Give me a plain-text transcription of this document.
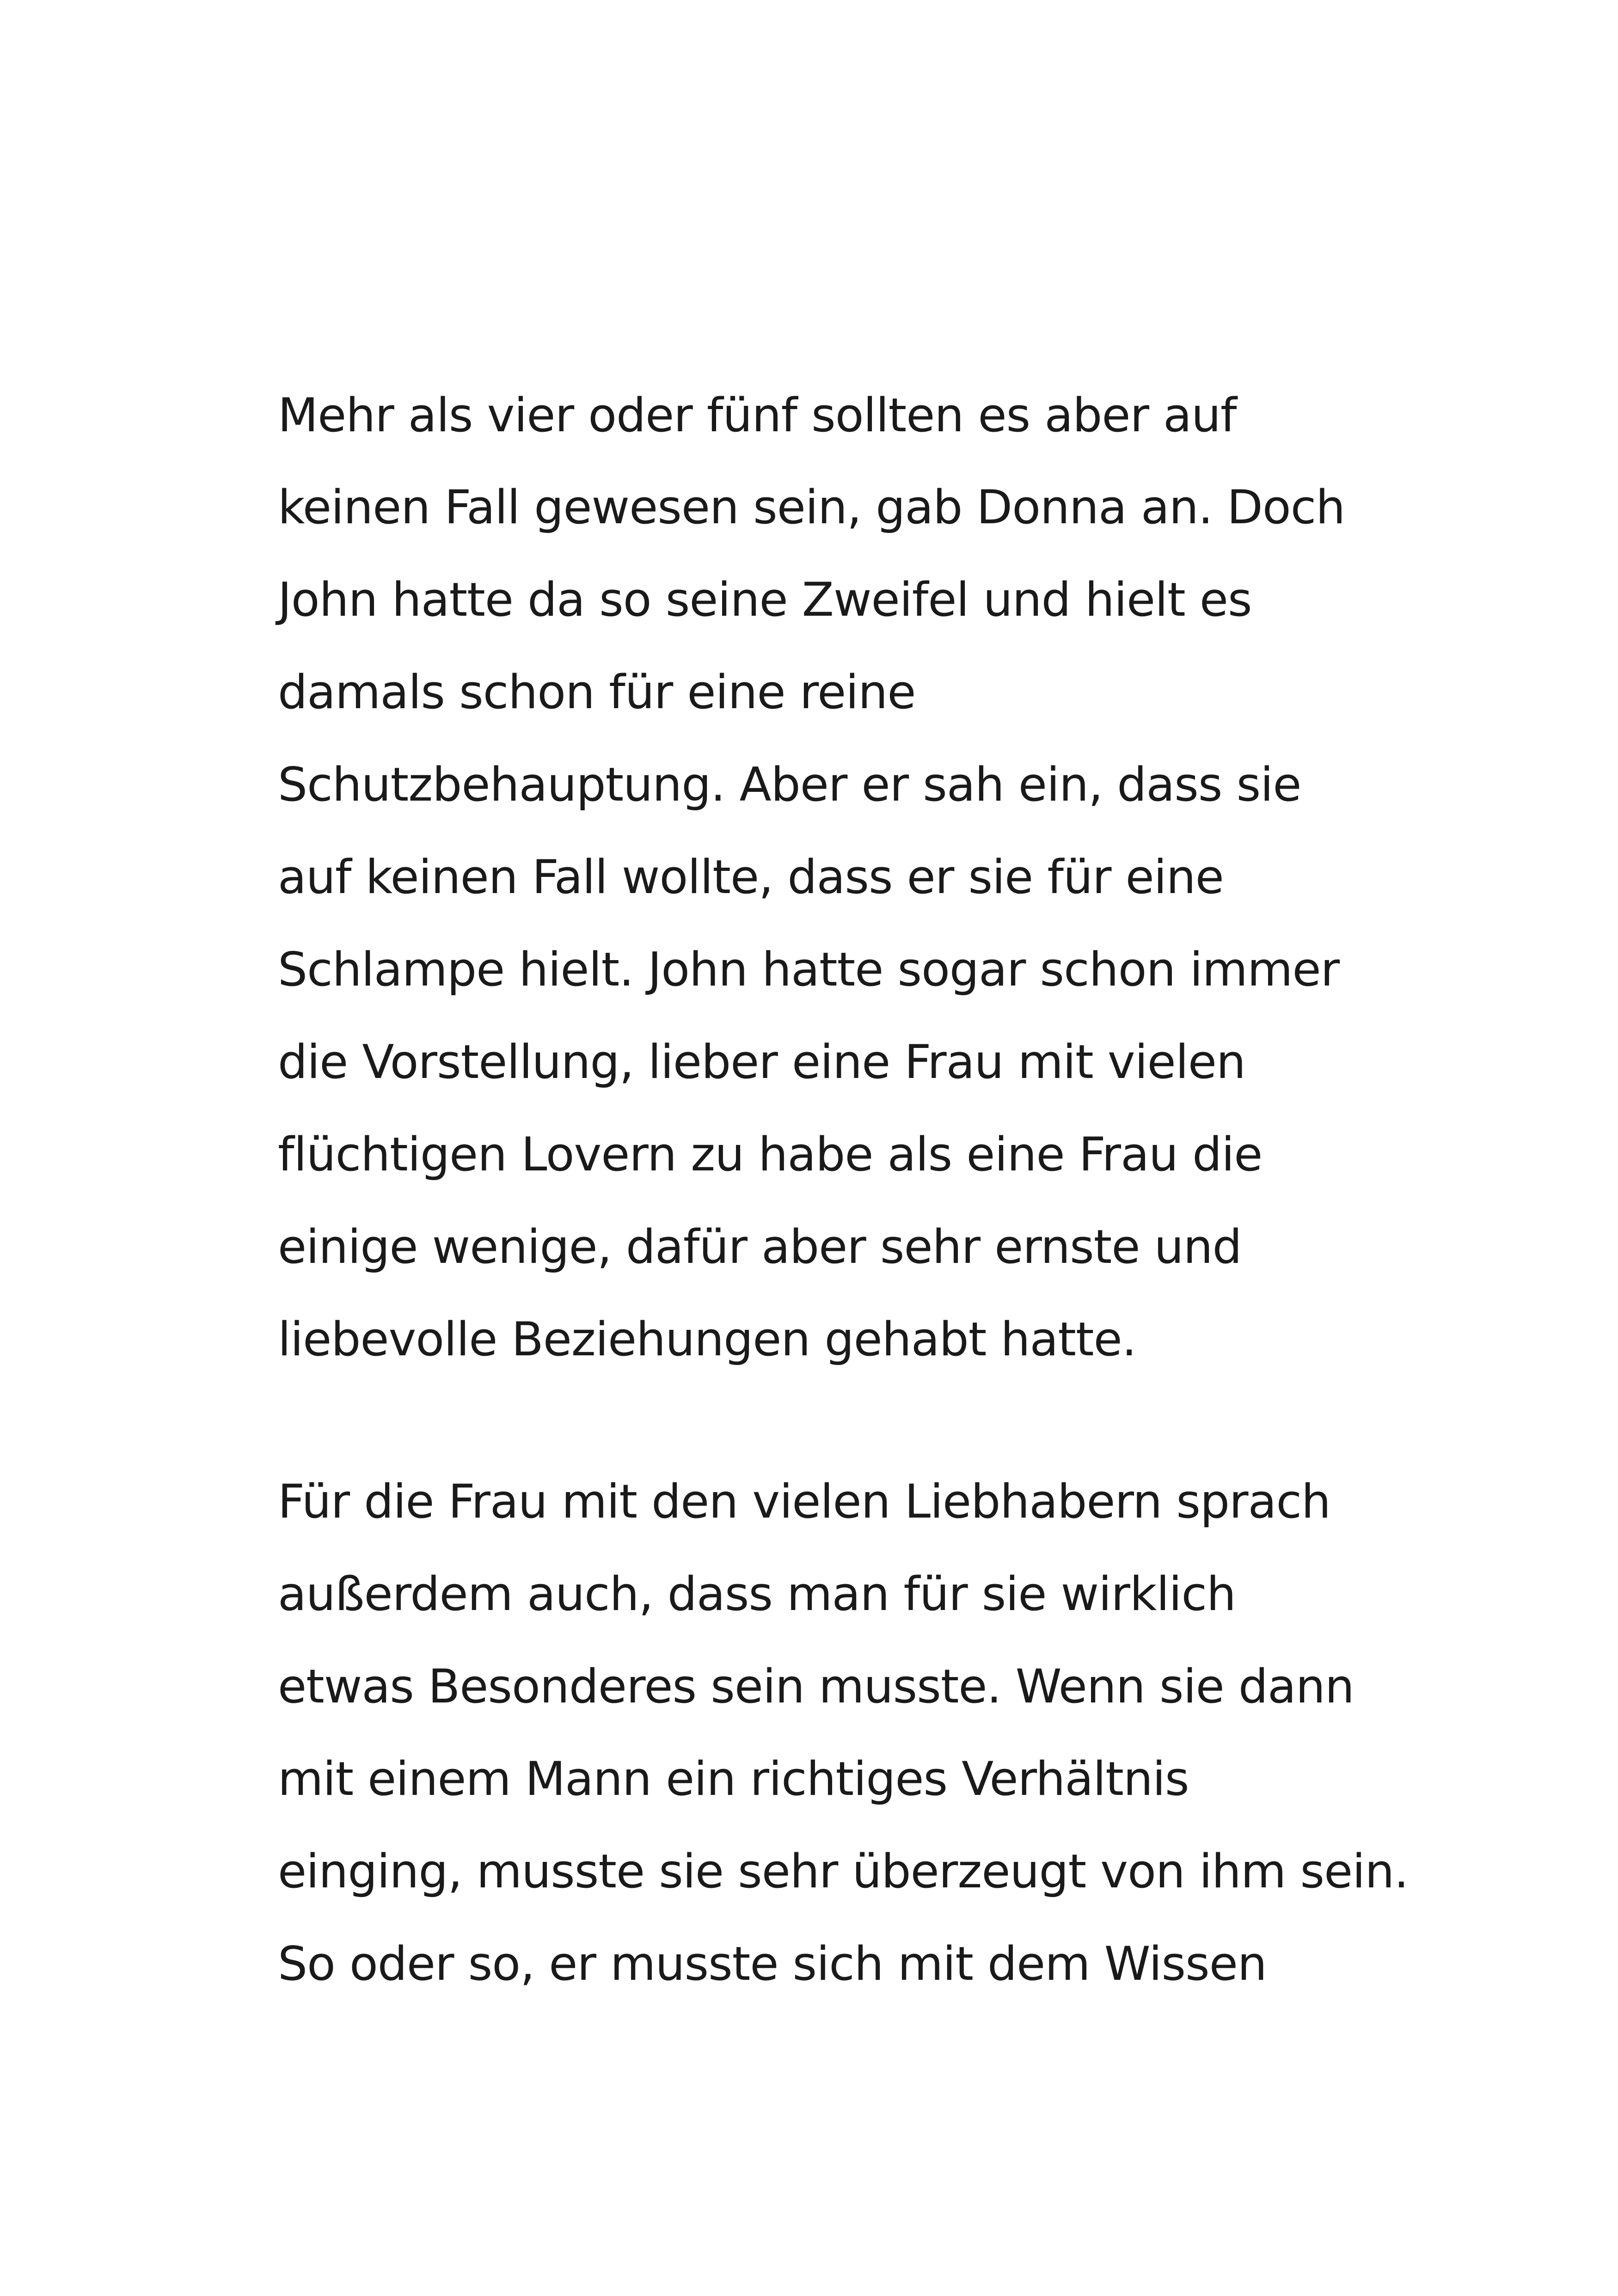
Mehr als vier oder fünf sollten es aber auf
keinen Fall gewesen sein, gab Donna an. Doch
John hatte da so seine Zweifel und hielt es
damals schon für eine reine
Schutzbehauptung. Aber er sah ein, dass sie
auf keinen Fall wollte, dass er sie für eine
Schlampe hielt. John hatte sogar schon immer
die Vorstellung, lieber eine Frau mit vielen
flüchtigen Lovern zu habe als eine Frau die
einige wenige, dafür aber sehr ernste und
liebevolle Beziehungen gehabt hatte.
Für die Frau mit den vielen Liebhabern sprach
außerdem auch, dass man für sie wirklich
etwas Besonderes sein musste. Wenn sie dann
mit einem Mann ein richtiges Verhältnis
einging, musste sie sehr überzeugt von ihm sein.
So oder so, er musste sich mit dem Wissen
